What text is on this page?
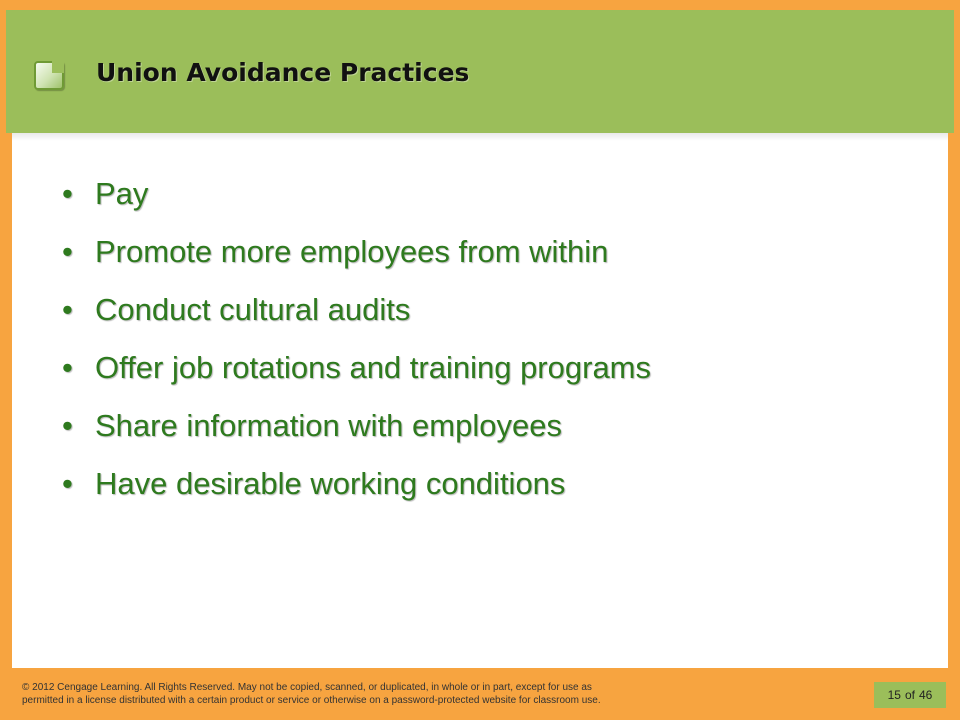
Union Avoidance Practices
• Pay
• Promote more employees from within
• Conduct cultural audits
• Offer job rotations and training programs
• Share information with employees
• Have desirable working conditions
© 2012 Cengage Learning. All Rights Reserved. May not be copied, scanned, or duplicated, in whole or in part, except for use as
permitted in a license distributed with a certain product or service or otherwise on a password-protected website for classroom use.	15 of 46
